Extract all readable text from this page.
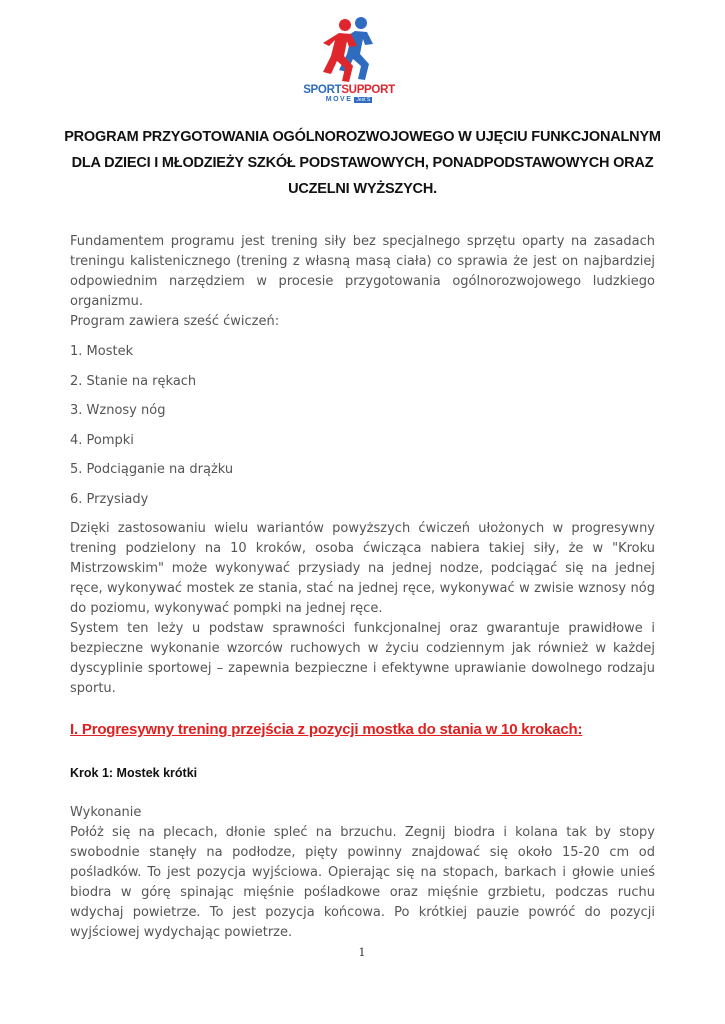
SPORTSUPPORT
MOVE Jest Ś
PROGRAM PRZYGOTOWANIA OGÓLNOROZWOJOWEGO W UJĘCIU FUNKCJONALNYM DLA DZIECI I MŁODZIEŻY SZKÓŁ PODSTAWOWYCH, PONADPODSTAWOWYCH ORAZ UCZELNI WYŻSZYCH.

Fundamentem programu jest trening siły bez specjalnego sprzętu oparty na zasadach treningu kalistenicznego (trening z własną masą ciała) co sprawia że jest on najbardziej odpowiednim narzędziem w procesie przygotowania ogólnorozwojowego ludzkiego organizmu.

Program zawiera sześć ćwiczeń:

1. Mostek
2. Stanie na rękach
3. Wznosy nóg
4. Pompki
5. Podciąganie na drążku
6. Przysiady

Dzięki zastosowaniu wielu wariantów powyższych ćwiczeń ułożonych w progresywny trening podzielony na 10 kroków, osoba ćwicząca nabiera takiej siły, że w "Kroku Mistrzowskim" może wykonywać przysiady na jednej nodze, podciągać się na jednej ręce, wykonywać mostek ze stania, stać na jednej ręce, wykonywać w zwisie wznosy nóg do poziomu, wykonywać pompki na jednej ręce.

System ten leży u podstaw sprawności funkcjonalnej oraz gwarantuje prawidłowe i bezpieczne wykonanie wzorców ruchowych w życiu codziennym jak również w każdej dyscyplinie sportowej – zapewnia bezpieczne i efektywne uprawianie dowolnego rodzaju sportu.

I. Progresywny trening przejścia z pozycji mostka do stania w 10 krokach:
Krok 1: Mostek krótki

Wykonanie

Połóż się na plecach, dłonie spleć na brzuchu. Zegnij biodra i kolana tak by stopy swobodnie stanęły na podłodze, pięty powinny znajdować się około 15-20 cm od pośladków. To jest pozycja wyjściowa. Opierając się na stopach, barkach i głowie unieś biodra w górę spinając mięśnie pośladkowe oraz mięśnie grzbietu, podczas ruchu wdychaj powietrze. To jest pozycja końcowa. Po krótkiej pauzie powróć do pozycji wyjściowej wydychając powietrze.

1
